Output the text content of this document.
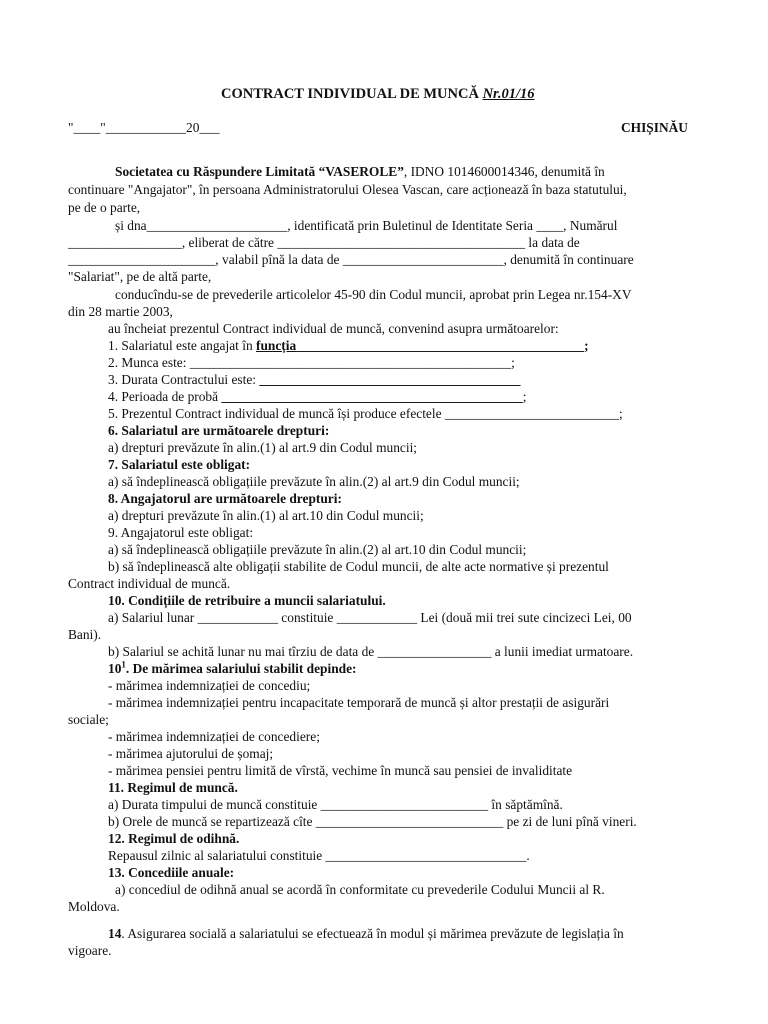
CONTRACT INDIVIDUAL DE MUNCĂ Nr.01/16
"____"____________20___	CHIȘINĂU
Societatea cu Răspundere Limitată “VASEROLE”, IDNO 1014600014346, denumită în
continuare "Angajator", în persoana Administratorului Olesea Vascan, care acționează în baza statutului,
pe de o parte,
și dna_____________________, identificată prin Buletinul de Identitate Seria ____, Numărul
_________________, eliberat de către _____________________________________ la data de
______________________, valabil pînă la data de ________________________, denumită în continuare
"Salariat", pe de altă parte,
conducîndu-se de prevederile articolelor 45-90 din Codul muncii, aprobat prin Legea nr.154-XV
din 28 martie 2003,
au încheiat prezentul Contract individual de muncă, convenind asupra următoarelor:
1. Salariatul este angajat în funcția___________________________________________;
2. Munca este: ________________________________________________;
3. Durata Contractului este: _______________________________________
4. Perioada de probă _____________________________________________;
5. Prezentul Contract individual de muncă își produce efectele __________________________;
6. Salariatul are următoarele drepturi:
a) drepturi prevăzute în alin.(1) al art.9 din Codul muncii;
7. Salariatul este obligat:
a) să îndeplinească obligațiile prevăzute în alin.(2) al art.9 din Codul muncii;
8. Angajatorul are următoarele drepturi:
a) drepturi prevăzute în alin.(1) al art.10 din Codul muncii;
9. Angajatorul este obligat:
a) să îndeplinească obligațiile prevăzute în alin.(2) al art.10 din Codul muncii;
b) să îndeplinească alte obligații stabilite de Codul muncii, de alte acte normative și prezentul
Contract individual de muncă.
10. Condițiile de retribuire a muncii salariatului.
a) Salariul lunar ____________ constituie ____________ Lei (două mii trei sute cincizeci Lei, 00
Bani).
b) Salariul se achită lunar nu mai tîrziu de data de _________________ a lunii imediat urmatoare.
$10^1$. De mărimea salariului stabilit depinde:
- mărimea indemnizației de concediu;
- mărimea indemnizației pentru incapacitate temporară de muncă și altor prestații de asigurări
sociale;
- mărimea indemnizației de concediere;
- mărimea ajutorului de șomaj;
- mărimea pensiei pentru limită de vîrstă, vechime în muncă sau pensiei de invaliditate
11. Regimul de muncă.
a) Durata timpului de muncă constituie _________________________ în săptămînă.
b) Orele de muncă se repartizează cîte ____________________________ pe zi de luni pînă vineri.
12. Regimul de odihnă.
Repausul zilnic al salariatului constituie ______________________________.
13. Concediile anuale:
a) concediul de odihnă anual se acordă în conformitate cu prevederile Codului Muncii al R.
Moldova.
14. Asigurarea socială a salariatului se efectuează în modul și mărimea prevăzute de legislația în
vigoare.
